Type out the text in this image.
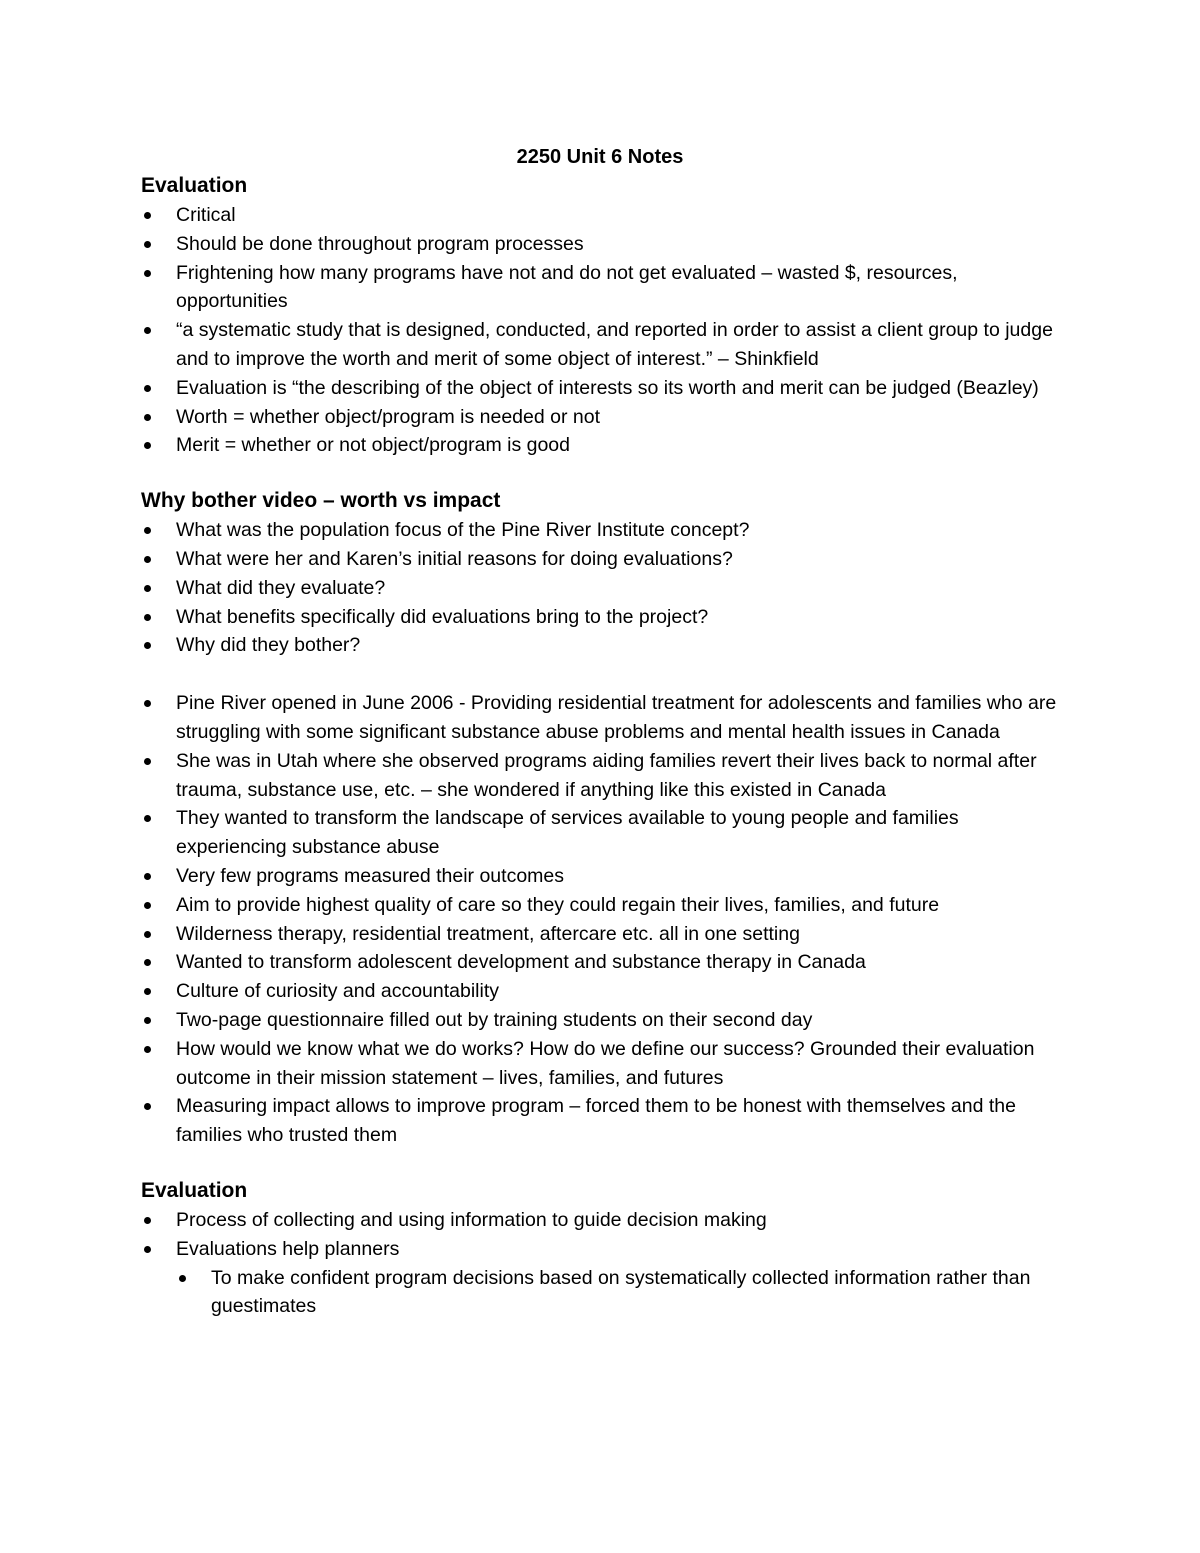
2250 Unit 6 Notes
Evaluation
Critical
Should be done throughout program processes
Frightening how many programs have not and do not get evaluated – wasted $, resources, opportunities
“a systematic study that is designed, conducted, and reported in order to assist a client group to judge and to improve the worth and merit of some object of interest.” – Shinkfield
Evaluation is “the describing of the object of interests so its worth and merit can be judged (Beazley)
Worth = whether object/program is needed or not
Merit = whether or not object/program is good
Why bother video – worth vs impact
What was the population focus of the Pine River Institute concept?
What were her and Karen’s initial reasons for doing evaluations?
What did they evaluate?
What benefits specifically did evaluations bring to the project?
Why did they bother?
Pine River opened in June 2006 - Providing residential treatment for adolescents and families who are struggling with some significant substance abuse problems and mental health issues in Canada
She was in Utah where she observed programs aiding families revert their lives back to normal after trauma, substance use, etc. – she wondered if anything like this existed in Canada
They wanted to transform the landscape of services available to young people and families experiencing substance abuse
Very few programs measured their outcomes
Aim to provide highest quality of care so they could regain their lives, families, and future
Wilderness therapy, residential treatment, aftercare etc. all in one setting
Wanted to transform adolescent development and substance therapy in Canada
Culture of curiosity and accountability
Two-page questionnaire filled out by training students on their second day
How would we know what we do works? How do we define our success? Grounded their evaluation outcome in their mission statement – lives, families, and futures
Measuring impact allows to improve program – forced them to be honest with themselves and the families who trusted them
Evaluation
Process of collecting and using information to guide decision making
Evaluations help planners
To make confident program decisions based on systematically collected information rather than guestimates
